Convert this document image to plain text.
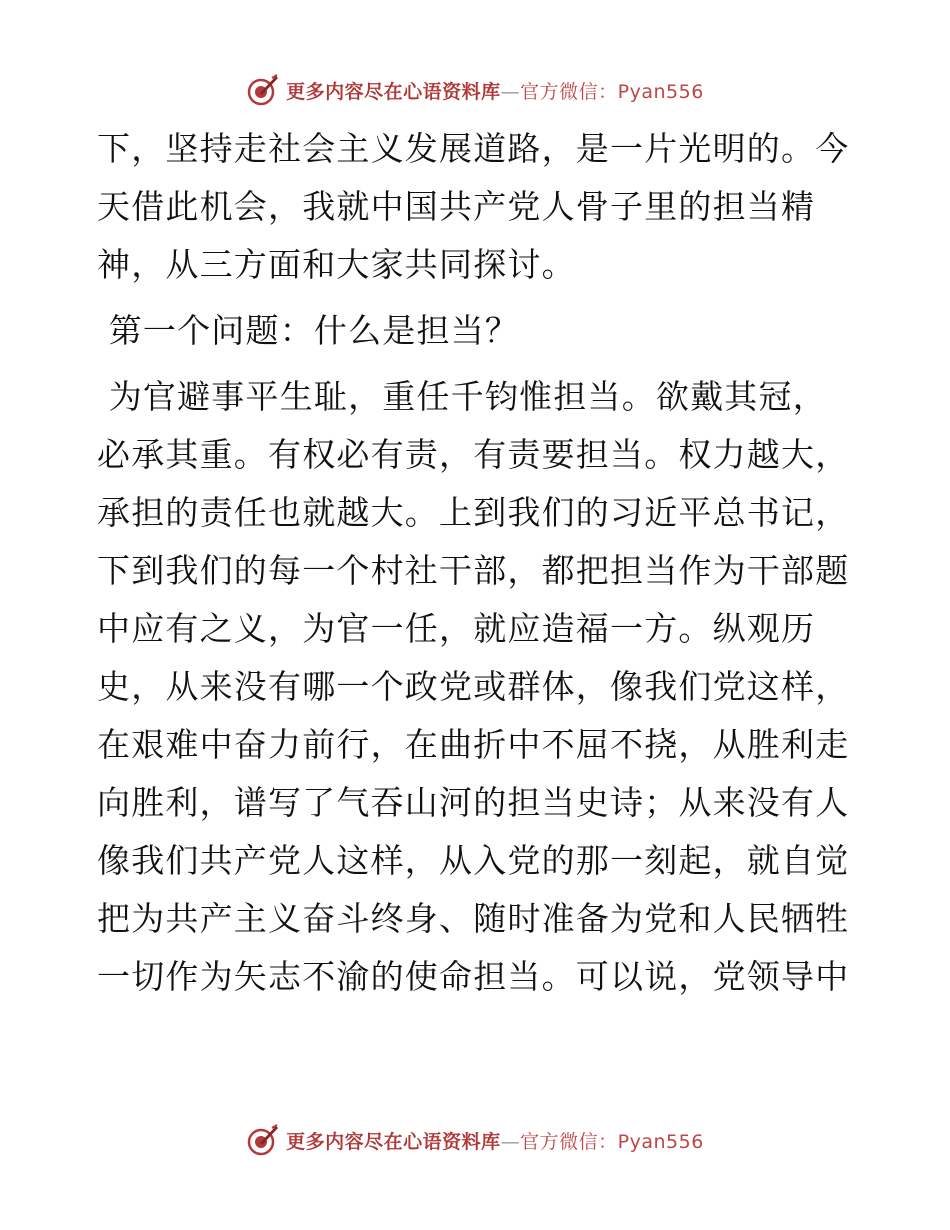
更多内容尽在心语资料库—官方微信：Pyan556
下，坚持走社会主义发展道路，是一片光明的。今
天借此机会，我就中国共产党人骨子里的担当精
神，从三方面和大家共同探讨。
第一个问题：什么是担当？
为官避事平生耻，重任千钧惟担当。欲戴其冠，
必承其重。有权必有责，有责要担当。权力越大，
承担的责任也就越大。上到我们的习近平总书记，
下到我们的每一个村社干部，都把担当作为干部题
中应有之义，为官一任，就应造福一方。纵观历
史，从来没有哪一个政党或群体，像我们党这样，
在艰难中奋力前行，在曲折中不屈不挠，从胜利走
向胜利，谱写了气吞山河的担当史诗；从来没有人
像我们共产党人这样，从入党的那一刻起，就自觉
把为共产主义奋斗终身、随时准备为党和人民牺牲
一切作为矢志不渝的使命担当。可以说，党领导中
更多内容尽在心语资料库—官方微信：Pyan556
